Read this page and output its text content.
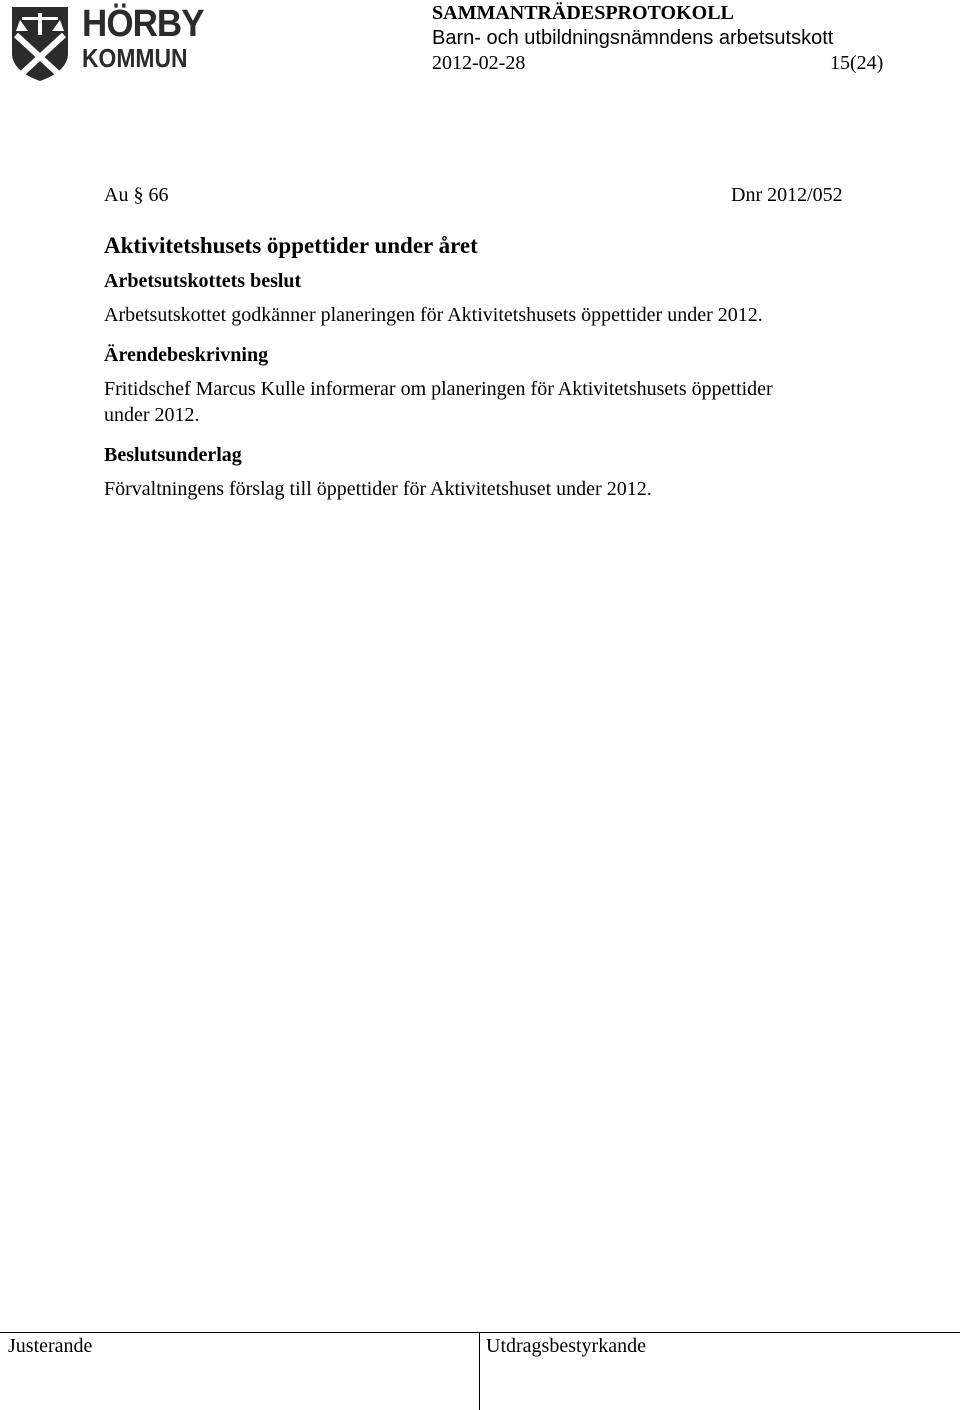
HÖRBY
KOMMUN
SAMMANTRÄDESPROTOKOLL
Barn- och utbildningsnämndens arbetsutskott
2012-02-28	15(24)
Au § 66	Dnr 2012/052
Aktivitetshusets öppettider under året
Arbetsutskottets beslut

Arbetsutskottet godkänner planeringen för Aktivitetshusets öppettider under 2012.

Ärendebeskrivning

Fritidschef Marcus Kulle informerar om planeringen för Aktivitetshusets öppettider under 2012.

Beslutsunderlag

Förvaltningens förslag till öppettider för Aktivitetshuset under 2012.

Justerande	Utdragsbestyrkande
